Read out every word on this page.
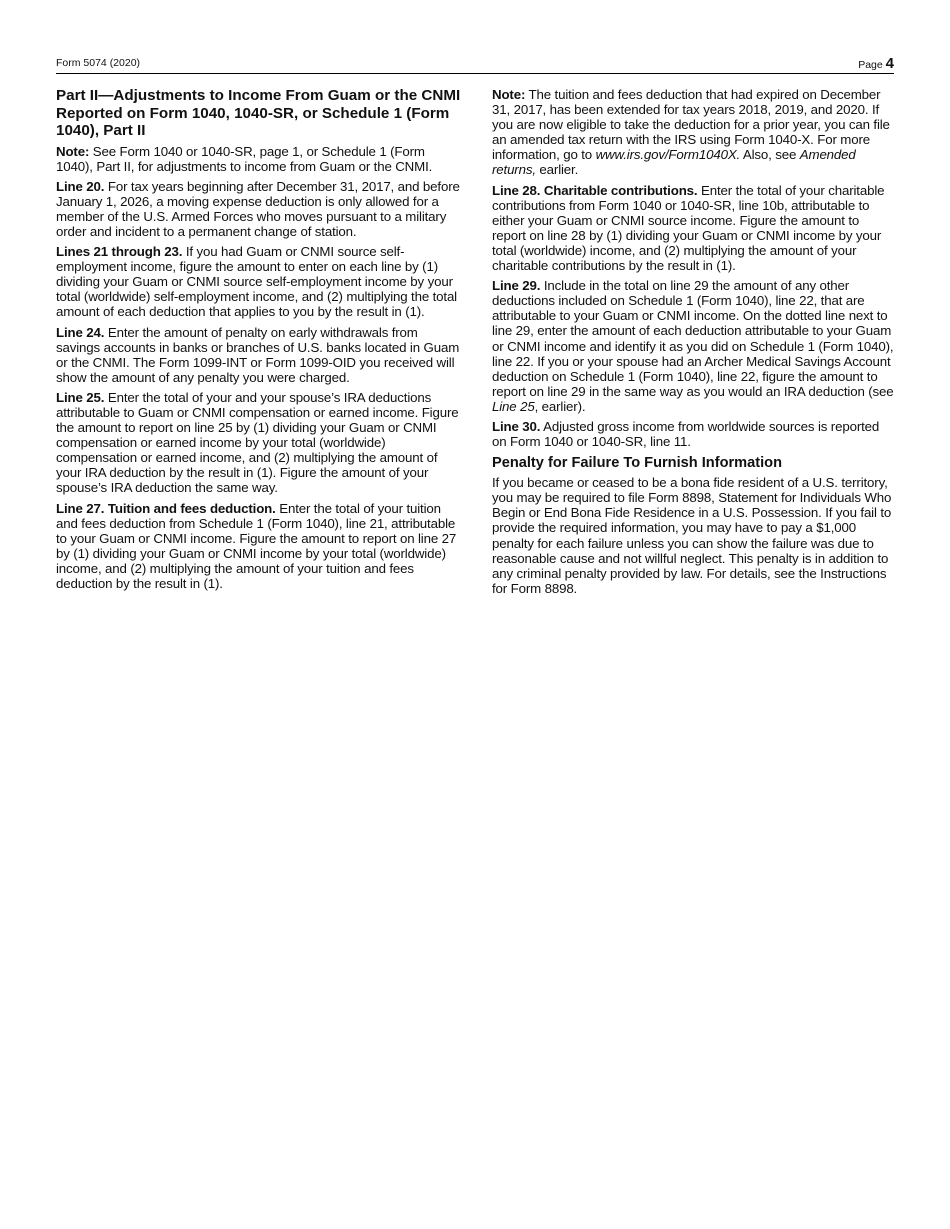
Form 5074 (2020)	Page 4
Part II—Adjustments to Income From Guam or the CNMI Reported on Form 1040, 1040-SR, or Schedule 1 (Form 1040), Part II

Note: See Form 1040 or 1040-SR, page 1, or Schedule 1 (Form 1040), Part II, for adjustments to income from Guam or the CNMI.

Line 20. For tax years beginning after December 31, 2017, and before January 1, 2026, a moving expense deduction is only allowed for a member of the U.S. Armed Forces who moves pursuant to a military order and incident to a permanent change of station.

Lines 21 through 23. If you had Guam or CNMI source self-employment income, figure the amount to enter on each line by (1) dividing your Guam or CNMI source self-employment income by your total (worldwide) self-employment income, and (2) multiplying the total amount of each deduction that applies to you by the result in (1).

Line 24. Enter the amount of penalty on early withdrawals from savings accounts in banks or branches of U.S. banks located in Guam or the CNMI. The Form 1099-INT or Form 1099-OID you received will show the amount of any penalty you were charged.

Line 25. Enter the total of your and your spouse’s IRA deductions attributable to Guam or CNMI compensation or earned income. Figure the amount to report on line 25 by (1) dividing your Guam or CNMI compensation or earned income by your total (worldwide) compensation or earned income, and (2) multiplying the amount of your IRA deduction by the result in (1). Figure the amount of your spouse’s IRA deduction the same way.

Line 27. Tuition and fees deduction. Enter the total of your tuition and fees deduction from Schedule 1 (Form 1040), line 21, attributable to your Guam or CNMI income. Figure the amount to report on line 27 by (1) dividing your Guam or CNMI income by your total (worldwide) income, and (2) multiplying the amount of your tuition and fees deduction by the result in (1).

Note: The tuition and fees deduction that had expired on December 31, 2017, has been extended for tax years 2018, 2019, and 2020. If you are now eligible to take the deduction for a prior year, you can file an amended tax return with the IRS using Form 1040-X. For more information, go to www.irs.gov/Form1040X. Also, see Amended returns, earlier.

Line 28. Charitable contributions. Enter the total of your charitable contributions from Form 1040 or 1040-SR, line 10b, attributable to either your Guam or CNMI source income. Figure the amount to report on line 28 by (1) dividing your Guam or CNMI income by your total (worldwide) income, and (2) multiplying the amount of your charitable contributions by the result in (1).

Line 29. Include in the total on line 29 the amount of any other deductions included on Schedule 1 (Form 1040), line 22, that are attributable to your Guam or CNMI income. On the dotted line next to line 29, enter the amount of each deduction attributable to your Guam or CNMI income and identify it as you did on Schedule 1 (Form 1040), line 22. If you or your spouse had an Archer Medical Savings Account deduction on Schedule 1 (Form 1040), line 22, figure the amount to report on line 29 in the same way as you would an IRA deduction (see Line 25, earlier).

Line 30. Adjusted gross income from worldwide sources is reported on Form 1040 or 1040-SR, line 11.

Penalty for Failure To Furnish Information

If you became or ceased to be a bona fide resident of a U.S. territory, you may be required to file Form 8898, Statement for Individuals Who Begin or End Bona Fide Residence in a U.S. Possession. If you fail to provide the required information, you may have to pay a $1,000 penalty for each failure unless you can show the failure was due to reasonable cause and not willful neglect. This penalty is in addition to any criminal penalty provided by law. For details, see the Instructions for Form 8898.
